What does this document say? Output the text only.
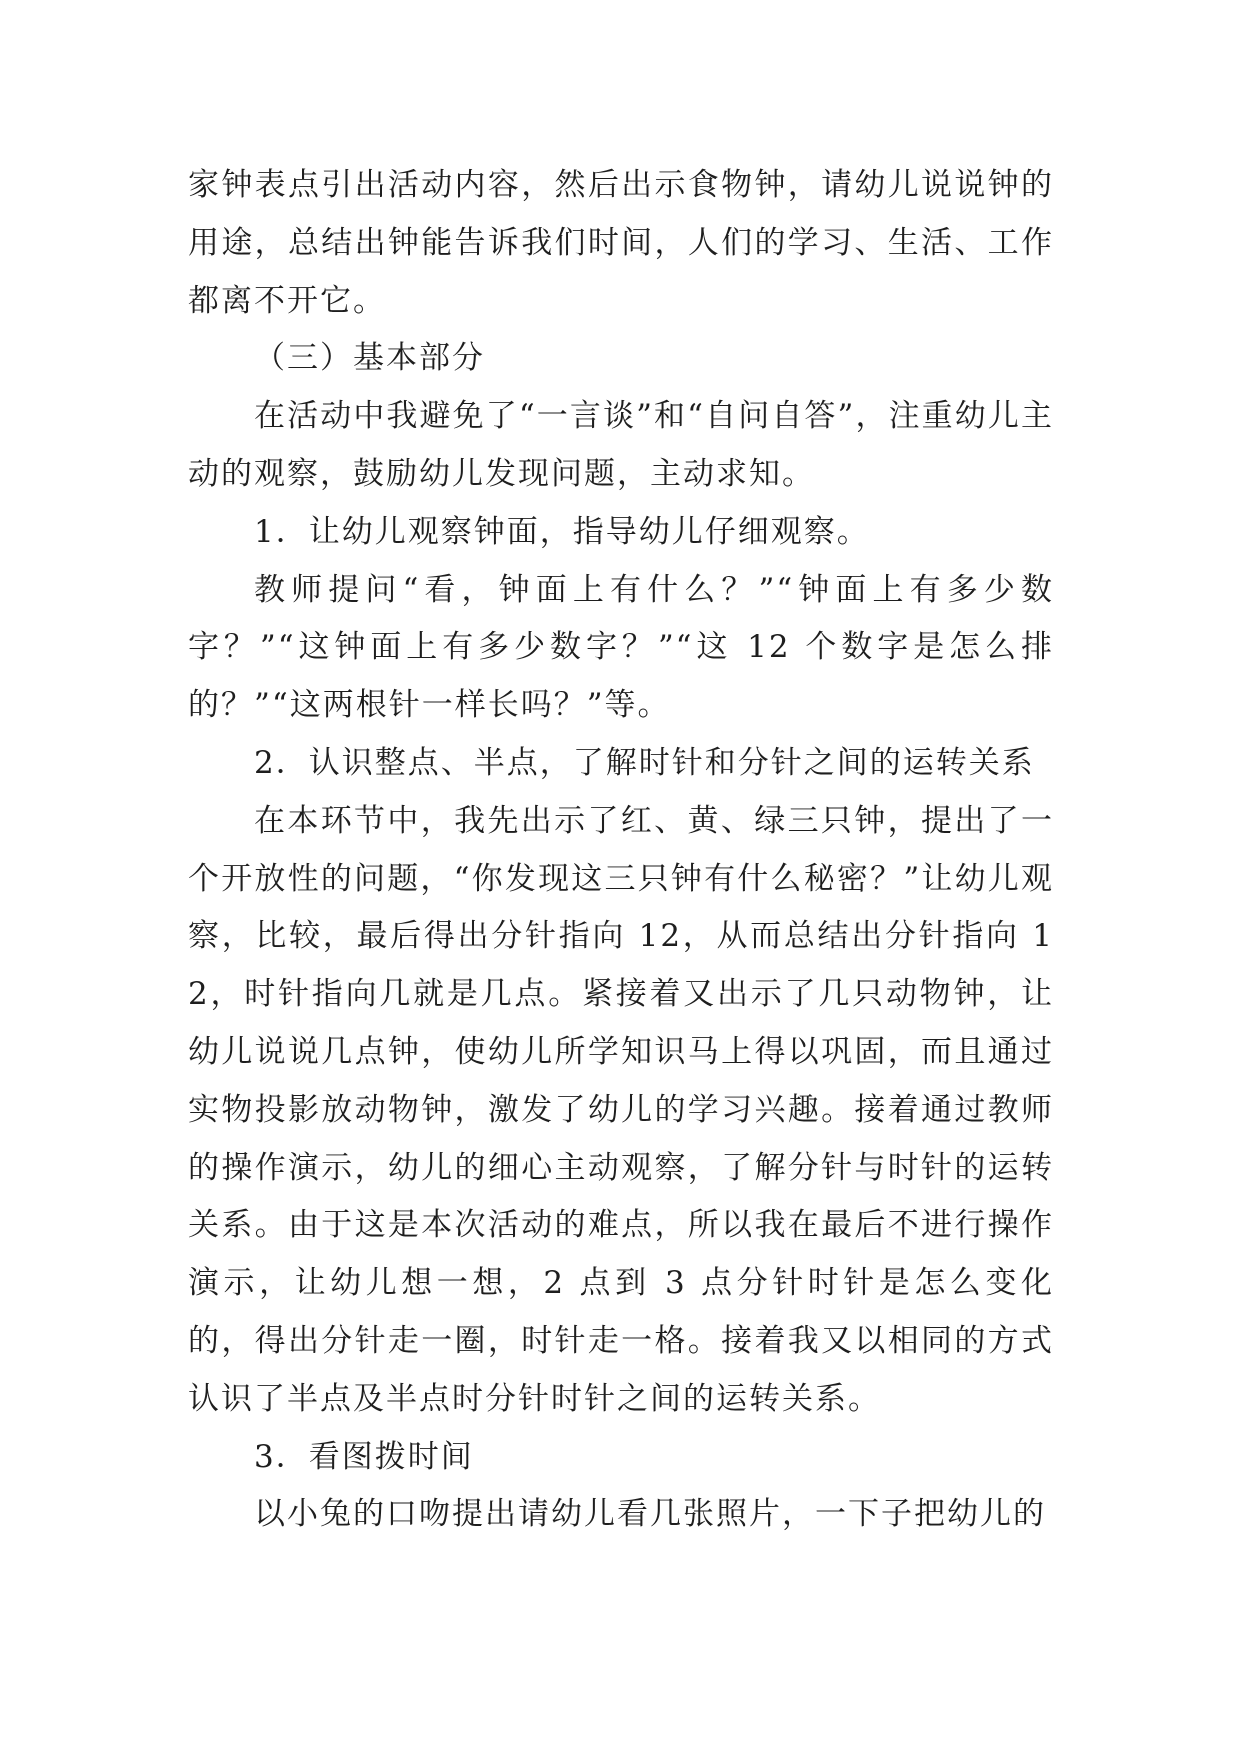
家钟表点引出活动内容，然后出示食物钟，请幼儿说说钟的用途，总结出钟能告诉我们时间，人们的学习、生活、工作都离不开它。

（三）基本部分

在活动中我避免了“一言谈”和“自问自答”，注重幼儿主动的观察，鼓励幼儿发现问题，主动求知。

1．让幼儿观察钟面，指导幼儿仔细观察。

教师提问“看，钟面上有什么？”“钟面上有多少数字？”“这钟面上有多少数字？”“这 12 个数字是怎么排的？”“这两根针一样长吗？”等。

2．认识整点、半点，了解时针和分针之间的运转关系

在本环节中，我先出示了红、黄、绿三只钟，提出了一个开放性的问题，“你发现这三只钟有什么秘密？”让幼儿观察，比较，最后得出分针指向 12，从而总结出分针指向 12，时针指向几就是几点。紧接着又出示了几只动物钟，让幼儿说说几点钟，使幼儿所学知识马上得以巩固，而且通过实物投影放动物钟，激发了幼儿的学习兴趣。接着通过教师的操作演示，幼儿的细心主动观察，了解分针与时针的运转关系。由于这是本次活动的难点，所以我在最后不进行操作演示，让幼儿想一想，2 点到 3 点分针时针是怎么变化的，得出分针走一圈，时针走一格。接着我又以相同的方式认识了半点及半点时分针时针之间的运转关系。

3．看图拨时间

以小兔的口吻提出请幼儿看几张照片，一下子把幼儿的
